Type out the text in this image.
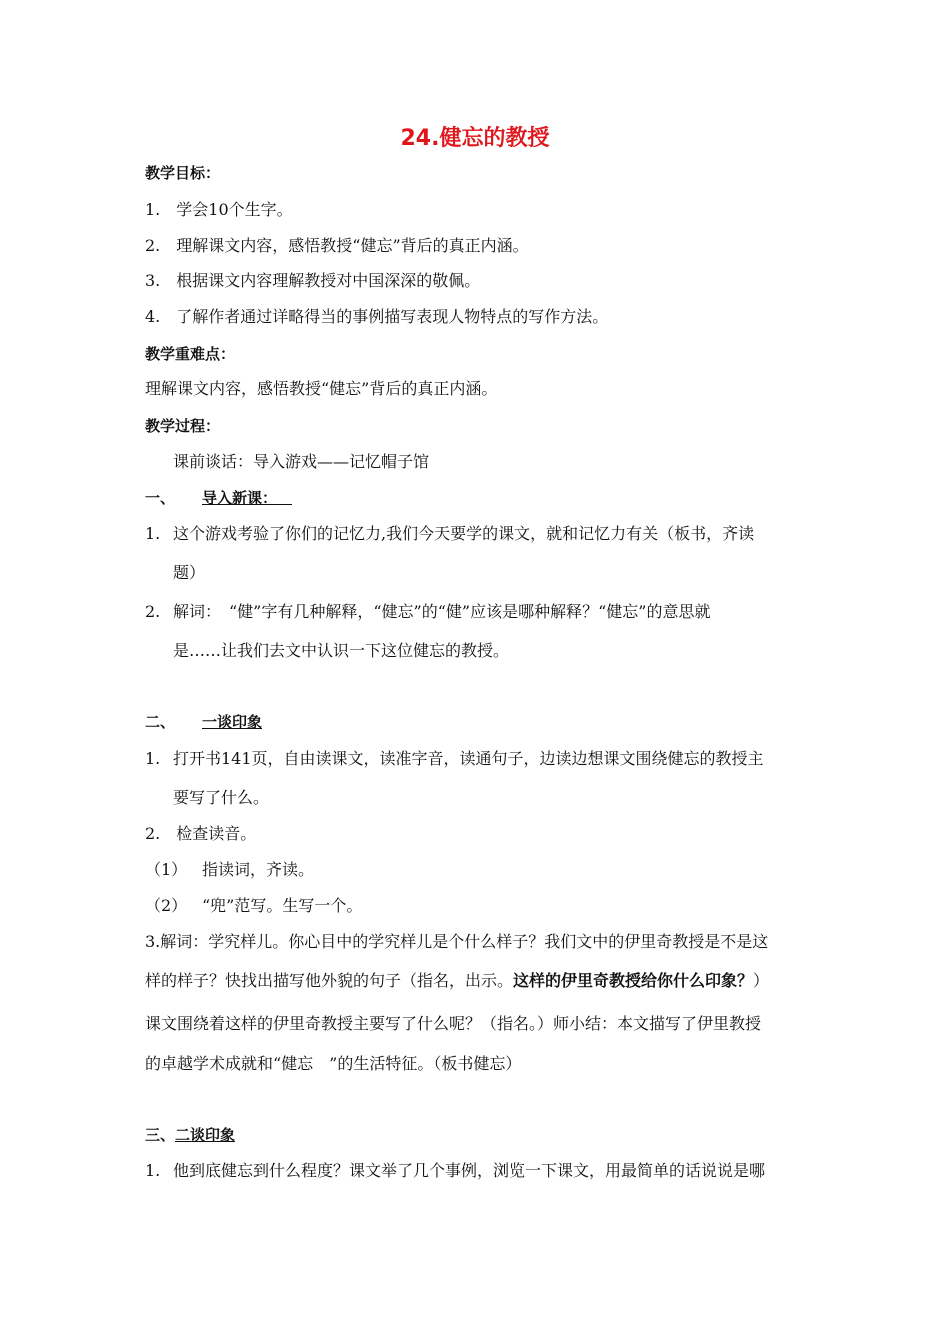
24.健忘的教授
教学目标：
1.　学会10个生字。
2.　理解课文内容，感悟教授“健忘”背后的真正内涵。
3.　根据课文内容理解教授对中国深深的敬佩。
4.　了解作者通过详略得当的事例描写表现人物特点的写作方法。
教学重难点：
理解课文内容，感悟教授“健忘”背后的真正内涵。
教学过程：
课前谈话：导入游戏——记忆帽子馆
一、 导入新课： 
1. 这个游戏考验了你们的记忆力,我们今天要学的课文，就和记忆力有关（板书，齐读
题）
2. 解词：　“健”字有几种解释，“健忘”的“健”应该是哪种解释？“健忘”的意思就
是……让我们去文中认识一下这位健忘的教授。
二、 一谈印象
1. 打开书141页，自由读课文，读准字音，读通句子，边读边想课文围绕健忘的教授主
要写了什么。
2.　检查读音。
（1） 指读词，齐读。
（2） “兜”范写。生写一个。
3.解词：学究样儿。你心目中的学究样儿是个什么样子？我们文中的伊里奇教授是不是这
样的样子？快找出描写他外貌的句子（指名，出示。这样的伊里奇教授给你什么印象？）
课文围绕着这样的伊里奇教授主要写了什么呢？（指名。）师小结：本文描写了伊里教授
的卓越学术成就和“健忘　”的生活特征。（板书健忘）
三、二谈印象
1. 他到底健忘到什么程度？课文举了几个事例，浏览一下课文，用最简单的话说说是哪
